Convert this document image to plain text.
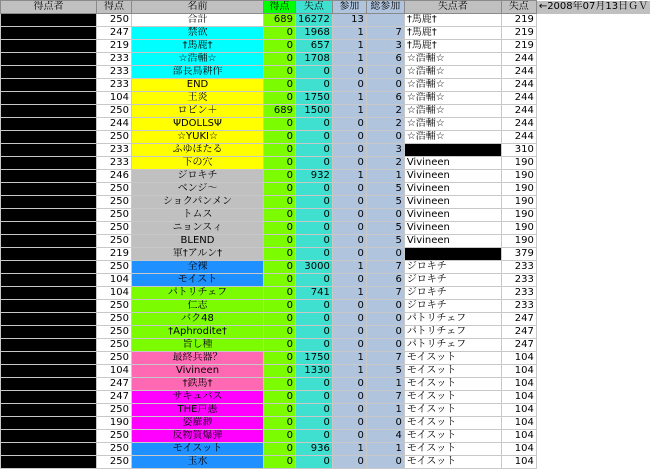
得点者	得点	名前	得点	失点	参加	総参加	失点者	失点	←2008年07月13日ＧＶ
	250	合計	689	16272	13		†馬鹿†	219	
	247	禁欲	0	1968	1	7	†馬鹿†	219	
	219	†馬鹿†	0	657	1	3	†馬鹿†	219	
	233	☆浩輔☆	0	1708	1	6	☆浩輔☆	244	
	233	部長鳥耕作	0	0	0	0	☆浩輔☆	244	
	233	END	0	0	0	0	☆浩輔☆	244	
	104	王炎	0	1750	1	6	☆浩輔☆	244	
	250	ロビン＋	689	1500	1	2	☆浩輔☆	244	
	244	ΨDOLLSΨ	0	0	0	2	☆浩輔☆	244	
	250	☆YUKI☆	0	0	0	0	☆浩輔☆	244	
	233	ふゆほたる	0	0	0	3		310	
	233	下の穴	0	0	0	2	Vivineen	190	
	246	ジロキチ	0	932	1	1	Vivineen	190	
	250	ベンジ〜	0	0	0	5	Vivineen	190	
	250	ショクパンメン	0	0	0	5	Vivineen	190	
	250	トムス	0	0	0	0	Vivineen	190	
	250	ニョンスィ	0	0	0	5	Vivineen	190	
	250	BLEND	0	0	0	5	Vivineen	190	
	219	軍†アルン†	0	0	0	0		379	
	250	全裸	0	3000	1	7	ジロキチ	233	
	104	モイスト	0	0	0	6	ジロキチ	233	
	104	パトリチェフ	0	741	1	7	ジロキチ	233	
	250	仁志	0	0	0	0	ジロキチ	233	
	250	バク48	0	0	0	0	パトリチェフ	247	
	250	†Aphrodite†	0	0	0	0	パトリチェフ	247	
	250	旨し種	0	0	0	0	パトリチェフ	247	
	250	最終兵器？	0	1750	1	7	モイスット	104	
	104	Vivineen	0	1330	1	5	モイスット	104	
	247	†鉄馬†	0	0	0	1	モイスット	104	
	247	サキュバス	0	0	0	7	モイスット	104	
	250	THE戸愚	0	0	0	1	モイスット	104	
	190	姿羅渺	0	0	0	0	モイスット	104	
	250	反物質爆弾	0	0	0	4	モイスット	104	
	250	モイスット	0	936	1	1	モイスット	104	
	250	玉水	0	0	0	0	モイスット	104	
